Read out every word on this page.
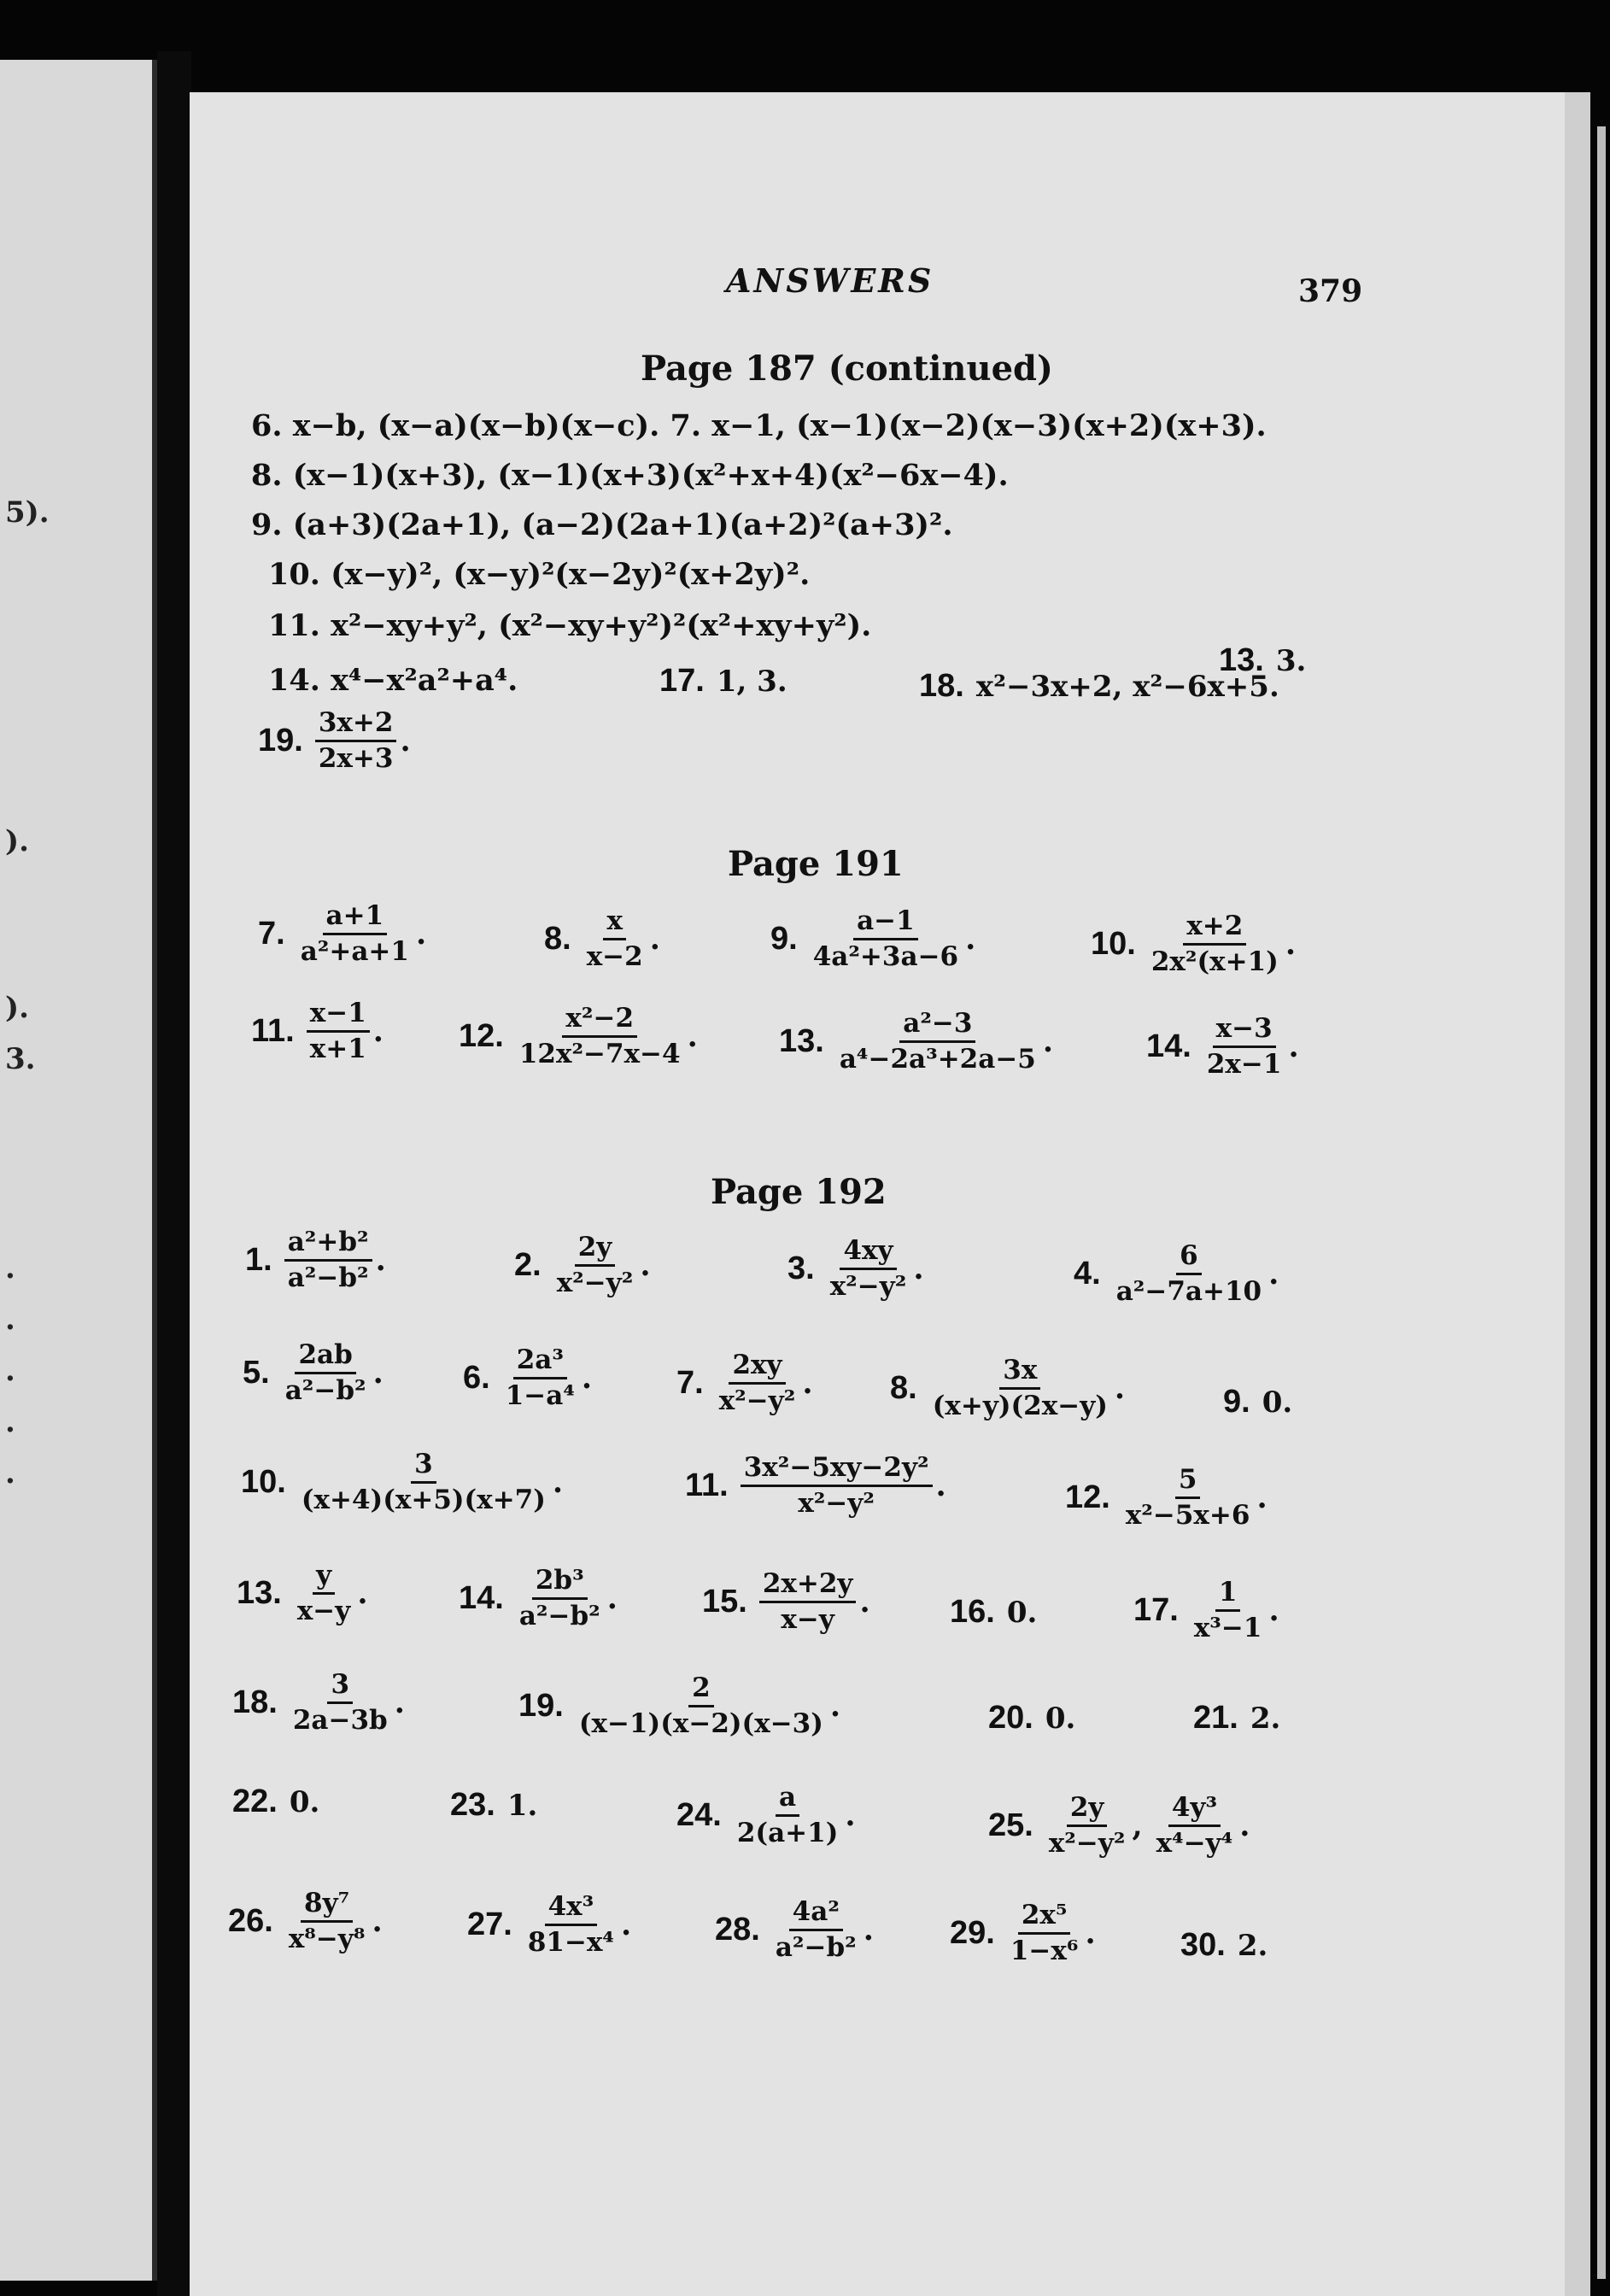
5).
).
).
3.
.
.
.
.
.
ANSWERS	379
Page 187 (continued)
6. x−b, (x−a)(x−b)(x−c). 7. x−1, (x−1)(x−2)(x−3)(x+2)(x+3).
8. (x−1)(x+3), (x−1)(x+3)(x²+x+4)(x²−6x−4).
9. (a+3)(2a+1), (a−2)(2a+1)(a+2)²(a+3)².
10. (x−y)², (x−y)²(x−2y)²(x+2y)².
11. x²−xy+y², (x²−xy+y²)²(x²+xy+y²).
13. 3.
14. x⁴−x²a²+a⁴.	17. 1, 3.	18. x²−3x+2, x²−6x+5.
19. $\frac{3x+2}{2x+3}$ .
Page 191
7. $\frac{a+1}{\text{a²+a+1}}$ .	8. $\frac{x}{x-2}$ .	9. $\frac{a-1}{\text{4a²+3a−6}}$ .	10. $\frac{x+2}{\text{2x²(x+1)}}$ .
11. $\frac{x-1}{x+1}$ . 12. $\frac{\text{x²−2}}{\text{12x²−7x−4}}$ .	13. $\frac{\text{a²−3}}{\text{a⁴−2a³+2a−5}}$ .	14. $\frac{x-3}{2x-1}$ .
Page 192
1. $\frac{\text{a²+b²}}{\text{a²−b²}}$ .	2. $\frac{2y}{\text{x²−y²}}$ .	3. $\frac{4xy}{\text{x²−y²}}$ .	4. $\frac{6}{\text{a²−7a+10}}$ .
5. $\frac{2ab}{\text{a²−b²}}$ . 6. $\frac{\text{2a³}}{\text{1−a⁴}}$ .	7. $\frac{2xy}{\text{x²−y²}}$ . 8. $\frac{3x}{(x+y)(2x-y)}$ .	9. 0.
10. $\frac{3}{(x+4)(x+5)(x+7)}$ .	11. $\frac{\text{3x²−5xy−2y²}}{\text{x²−y²}}$ .	12. $\frac{5}{\text{x²−5x+6}}$ .
13. $\frac{y}{x-y}$ .	14. $\frac{\text{2b³}}{\text{a²−b²}}$ .	15. $\frac{2x+2y}{x-y}$ . 16. 0.	17. $\frac{1}{\text{x³−1}}$ .
18. $\frac{3}{2a-3b}$ .	19. $\frac{2}{(x-1)(x-2)(x-3)}$ .	20. 0.	21. 2.
22. 0.	23. 1.	24. $\frac{a}{2(a+1)}$ .	25. $\frac{2y}{\text{x²−y²}}$ , $\frac{\text{4y³}}{\text{x⁴−y⁴}}$ .
26. $\frac{\text{8y⁷}}{\text{x⁸−y⁸}}$ .	27. $\frac{\text{4x³}}{\text{81−x⁴}}$ .	28. $\frac{\text{4a²}}{\text{a²−b²}}$ . 29. $\frac{\text{2x⁵}}{\text{1−x⁶}}$ .	30. 2.
